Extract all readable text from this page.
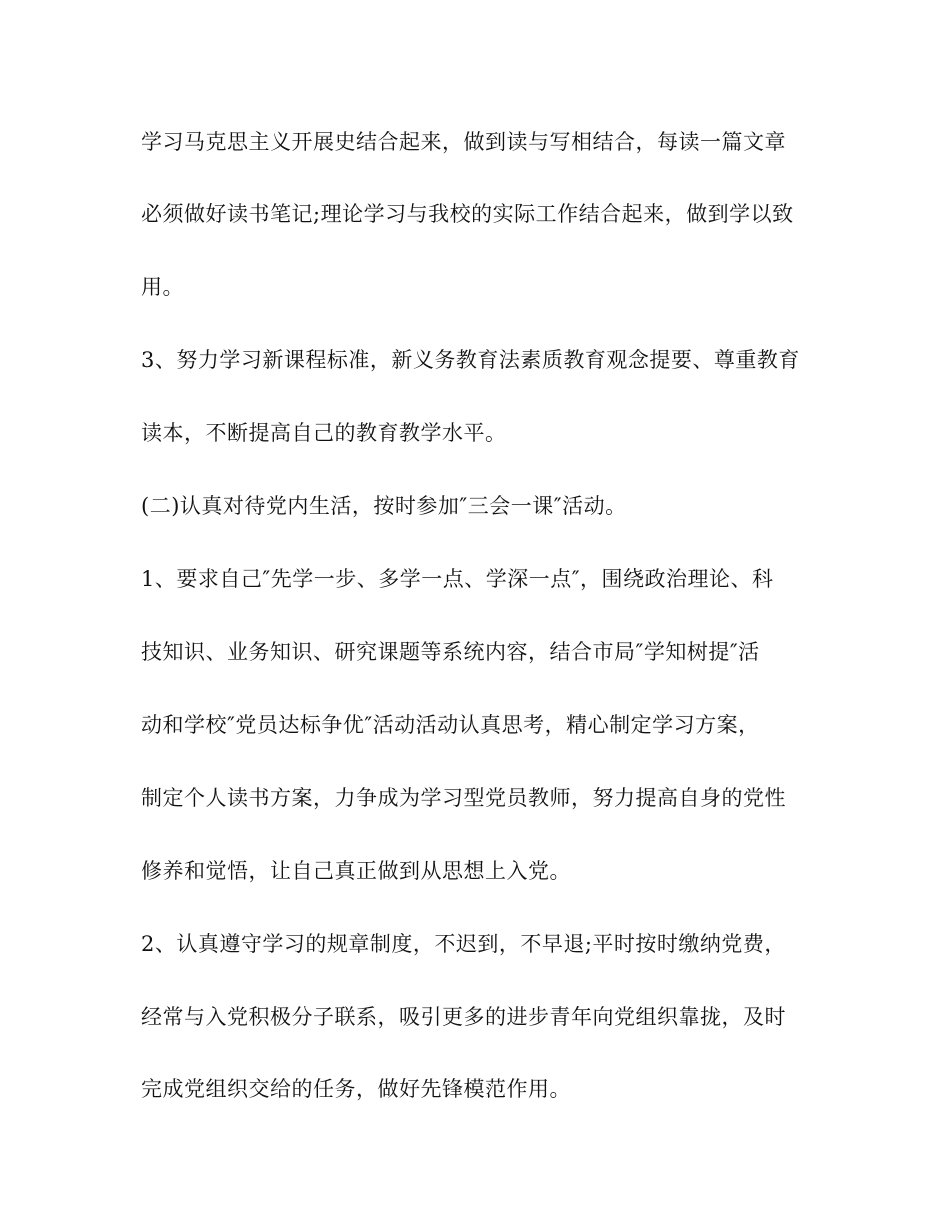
学习马克思主义开展史结合起来，做到读与写相结合，每读一篇文章
必须做好读书笔记;理论学习与我校的实际工作结合起来，做到学以致
用。
3、努力学习新课程标准，新义务教育法素质教育观念提要、尊重教育
读本，不断提高自己的教育教学水平。
(二)认真对待党内生活，按时参加″三会一课″活动。
1、要求自己″先学一步、多学一点、学深一点″，围绕政治理论、科
技知识、业务知识、研究课题等系统内容，结合市局″学知树提″活
动和学校″党员达标争优″活动活动认真思考，精心制定学习方案，
制定个人读书方案，力争成为学习型党员教师，努力提高自身的党性
修养和觉悟，让自己真正做到从思想上入党。
2、认真遵守学习的规章制度，不迟到，不早退;平时按时缴纳党费，
经常与入党积极分子联系，吸引更多的进步青年向党组织靠拢，及时
完成党组织交给的任务，做好先锋模范作用。
